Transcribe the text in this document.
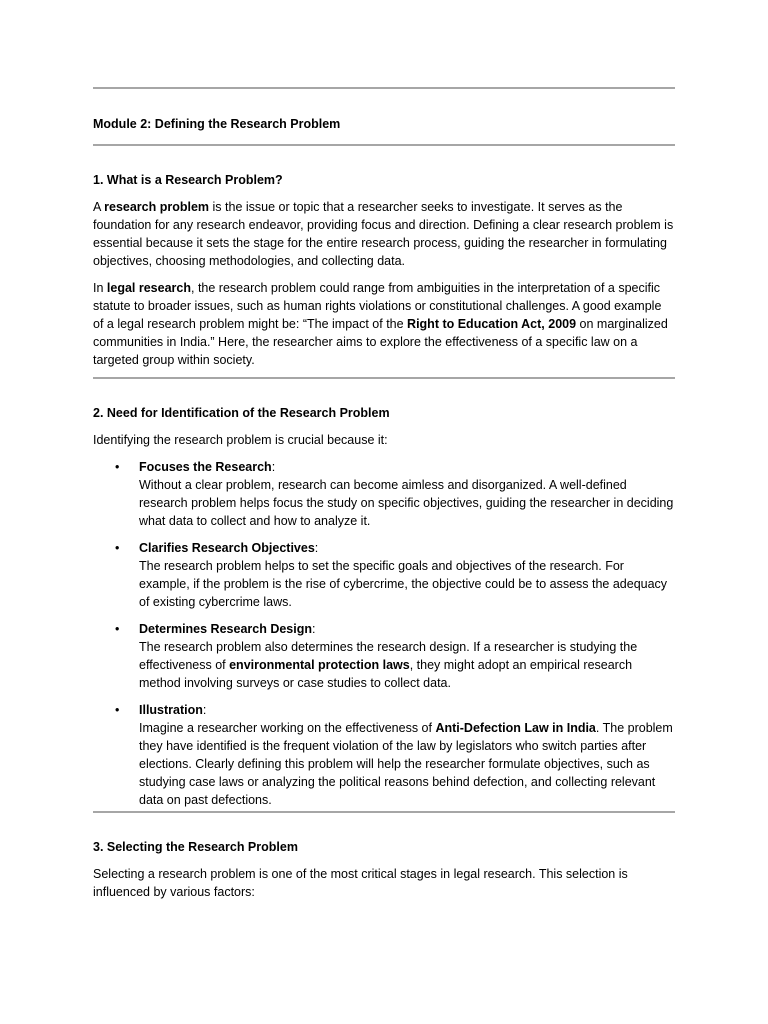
Module 2: Defining the Research Problem
1. What is a Research Problem?

A research problem is the issue or topic that a researcher seeks to investigate. It serves as the foundation for any research endeavor, providing focus and direction. Defining a clear research problem is essential because it sets the stage for the entire research process, guiding the researcher in formulating objectives, choosing methodologies, and collecting data.

In legal research, the research problem could range from ambiguities in the interpretation of a specific statute to broader issues, such as human rights violations or constitutional challenges. A good example of a legal research problem might be: “The impact of the Right to Education Act, 2009 on marginalized communities in India.” Here, the researcher aims to explore the effectiveness of a specific law on a targeted group within society.

2. Need for Identification of the Research Problem

Identifying the research problem is crucial because it:

• Focuses the Research:
Without a clear problem, research can become aimless and disorganized. A well-defined research problem helps focus the study on specific objectives, guiding the researcher in deciding what data to collect and how to analyze it.
• Clarifies Research Objectives:
The research problem helps to set the specific goals and objectives of the research. For example, if the problem is the rise of cybercrime, the objective could be to assess the adequacy of existing cybercrime laws.
• Determines Research Design:
The research problem also determines the research design. If a researcher is studying the effectiveness of environmental protection laws, they might adopt an empirical research method involving surveys or case studies to collect data.
• Illustration:
Imagine a researcher working on the effectiveness of Anti-Defection Law in India. The problem they have identified is the frequent violation of the law by legislators who switch parties after elections. Clearly defining this problem will help the researcher formulate objectives, such as studying case laws or analyzing the political reasons behind defection, and collecting relevant data on past defections.
3. Selecting the Research Problem

Selecting a research problem is one of the most critical stages in legal research. This selection is influenced by various factors:
